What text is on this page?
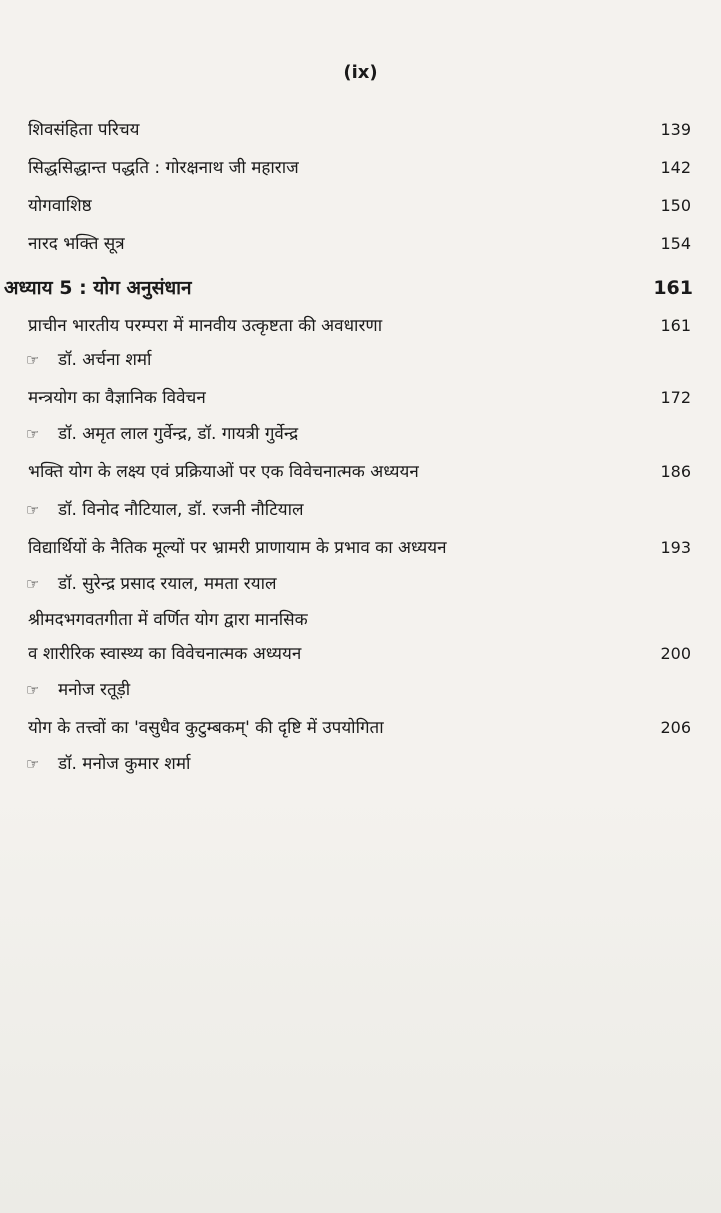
(ix)
शिवसंहिता परिचय	139
सिद्धसिद्धान्त पद्धति : गोरक्षनाथ जी महाराज	142
योगवाशिष्ठ	150
नारद भक्ति सूत्र	154
अध्याय 5 : योग अनुसंधान	161
प्राचीन भारतीय परम्परा में मानवीय उत्कृष्टता की अवधारणा	161
☞ डॉ. अर्चना शर्मा
मन्त्रयोग का वैज्ञानिक विवेचन	172
☞ डॉ. अमृत लाल गुर्वेन्द्र, डॉ. गायत्री गुर्वेन्द्र
भक्ति योग के लक्ष्य एवं प्रक्रियाओं पर एक विवेचनात्मक अध्ययन	186
☞ डॉ. विनोद नौटियाल, डॉ. रजनी नौटियाल
विद्यार्थियों के नैतिक मूल्यों पर भ्रामरी प्राणायाम के प्रभाव का अध्ययन	193
☞ डॉ. सुरेन्द्र प्रसाद रयाल, ममता रयाल
श्रीमदभगवतगीता में वर्णित योग द्वारा मानसिक
व शारीरिक स्वास्थ्य का विवेचनात्मक अध्ययन	200
☞ मनोज रतूड़ी
योग के तत्त्वों का 'वसुधैव कुटुम्बकम्' की दृष्टि में उपयोगिता	206
☞ डॉ. मनोज कुमार शर्मा
